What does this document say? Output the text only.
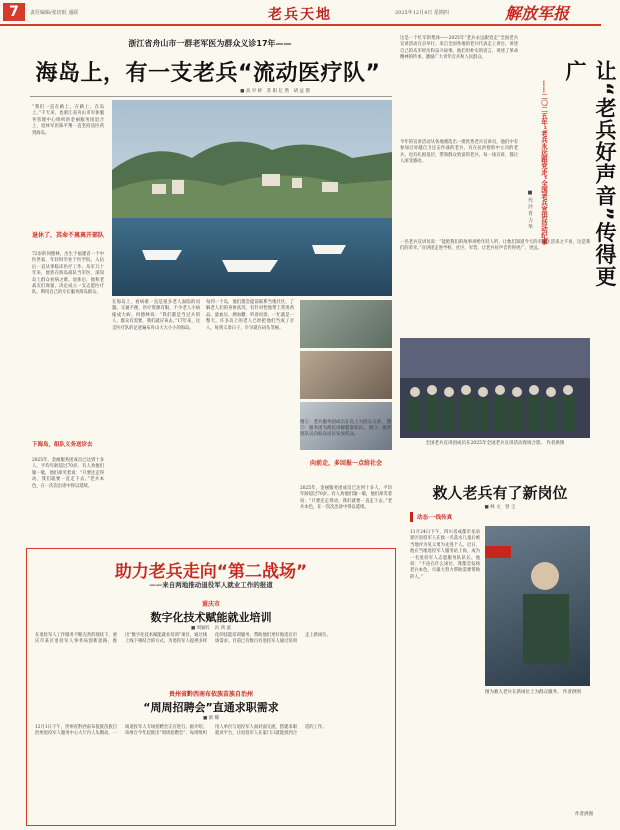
7	责任编辑/张培珉 通联	老兵天地	2025年12月4日 星期四	解放军报
浙江省舟山市一群老军医为群众义诊17年——
海岛上，有一支老兵“流动医疗队”
■ 高 亭 桥　苏 阳 亿 然　胡 益 郡
“我们一直在路上，在路上，在岛上。”千天来，也浙江省舟山市军休服务管理中心组织的金丽服务团退合上，退休军医陈平翔一直坚持送医药到海岛。
退休了，其命不离离开部队
72岁的何德林，出生于福建省一个中医世家，年轻时毕业于医学院，入伍后一直从事临床医疗工作。从军几十年来，他曾在海岛部队当军医，深知岛上群众看病之难。退休后，他和老战友们商量，决定成立一支志愿医疗队，利用自己的专长服务海岛群众。
下海岛，组队义务送诊去
2025年，金丽服务团成员已达到十多人，平均年龄超过70岁。有人劝他们歇一歇，他们却笑着说：“只要还走得动，我们就要一直走下去。”老兵本色，在一次次出诊中得以延续。
在海岛上，看病难一直是很多老人面临的问题。交通不便、医疗资源有限，不少老人小病拖成大病。何德林说：“我们都是当过兵的人，群众有需要，我们就应该去。”17年来，这支医疗队的足迹遍布舟山大大小小的海岛。
每到一个岛，他们都会提前联系当地社区，了解老人们的身体状况，有针对性地带上常用药品。量血压、测血糖、听诊问诊，一忙就是一整天。许多岛上的老人已经把他们当成了亲人，每到义诊日子，早早就在码头等候。
向前走，多回报一点给社会
2025年，金丽服务团成员已达到十多人，平均年龄超过70岁。有人劝他们歇一歇，他们却笑着说：“只要还走得动，我们就要一直走下去。”老兵本色，在一次次出诊中得以延续。
图①：老兵服务团成员在岛上为群众义诊。 图②：服务团为渔民讲解健康知识。 图③：服务团队员向海岛居民发放药品。
这是一个红军的集体——2025年“老兵永远跟党走”全国老兵宣讲活动在京举行。来自全国各地的老兵代表走上讲台，讲述自己的从军经历和奋斗故事。他们用朴实的语言，讲述了革命精神的传承，激励广大青年官兵和人民群众。
今年的宣讲活动从各地遴选出一批优秀老兵宣讲员，他们中有参加过对越自卫还击作战的老兵，有在抗洪抢险中立功的老兵，也有扎根基层、带领群众致富的老兵。每一场宣讲，都让人深受感动。	让“老兵好声音”传得更广
——二〇二五年“老兵永远跟党走”全国老兵宣讲活动纪事
■ 代 玲 肯 力 华
一名老兵宣讲员说：“能把我们的故事讲给年轻人听，让他们知道今天的幸福生活来之不易，这是我们的荣幸。”宣讲团走进学校、社区、军营，让老兵好声音传得更广、更远。
全国老兵宣讲团成员在2025年全国老兵宣讲活动现场合影。 作者供图
救人老兵有了新岗位
■ 林 文　曾 尘
动态·一线传真
11月24日下午，四川省成都市龙泉驿区退役军人在救一名落水儿童后被当地评为见义勇为先进个人。近日，他在当地退役军人服务站上岗，成为一名退役军人志愿服务队队长。他说：“不论在什么岗位，我都会发扬老兵本色，尽最大努力帮助需要帮助的人。”
图为救人老兵在新岗位上为群众服务。 作者供图
作者供图
助力老兵走向“第二战场”
——来自两地推动退役军人就业工作的报道
重庆市
数字化技术赋能就业培训
■ 周颖红　冯 鸿 波
在退役军人工作服务不断完善的现状下，重庆市某区退役军人事务局创新思路，推出“数字化技术赋能就业培训”项目，通过线上线下相结合的方式，为退役军人提供多样化的技能培训服务，帮助他们更好地适应市场需求。目前已有数百名退役军人通过培训走上新岗位。
贵州省黔西南布依族苗族自治州
“周周招聘会”直通求职需求
■ 蔡 娜
12月1日下午，贵州省黔西南布依族苗族自治州退役军人服务中心大厅内人头攒动，一场退役军人专场招聘会正在进行。据介绍，该州自今年起推出“周周招聘会”，每周组织用人单位与退役军人面对面交流，搭建求职就业平台，让退役军人在家门口就能找到合适的工作。
